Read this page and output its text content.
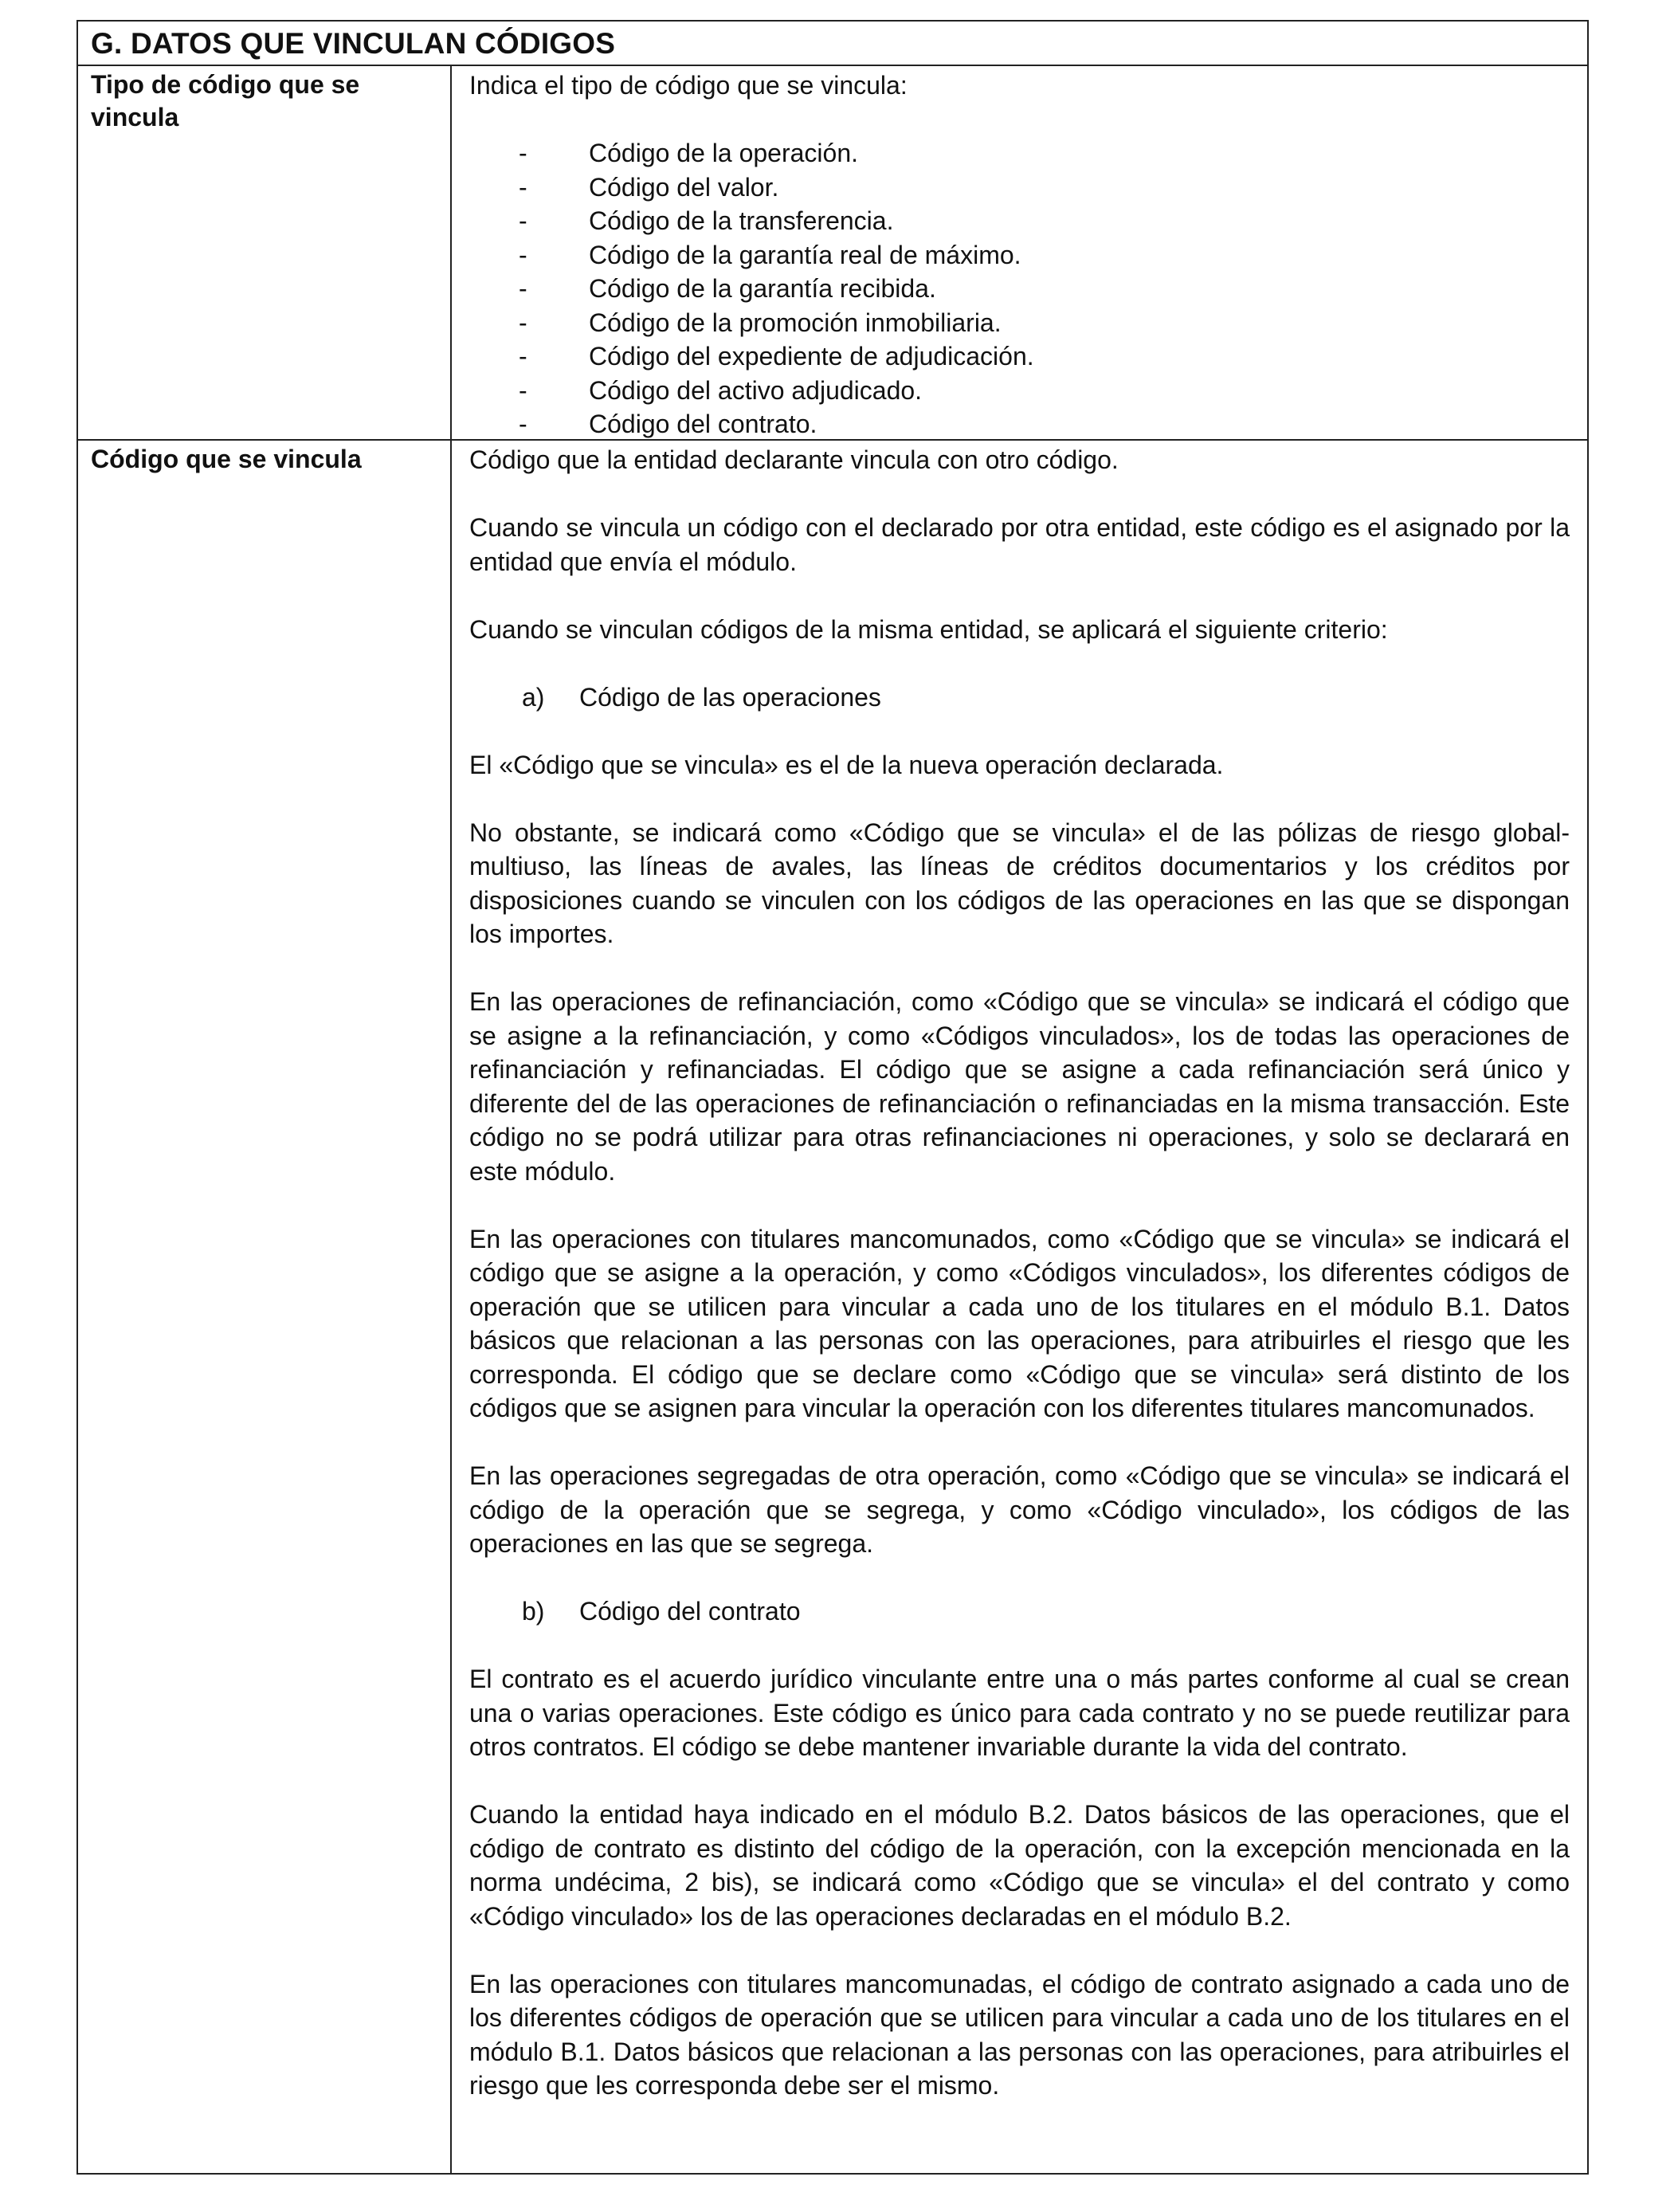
G. DATOS QUE VINCULAN CÓDIGOS
Tipo de código que se vincula

Indica el tipo de código que se vincula:

- Código de la operación.
- Código del valor.
- Código de la transferencia.
- Código de la garantía real de máximo.
- Código de la garantía recibida.
- Código de la promoción inmobiliaria.
- Código del expediente de adjudicación.
- Código del activo adjudicado.
- Código del contrato.
Código que se vincula	Código que la entidad declarante vincula con otro código.

Cuando se vincula un código con el declarado por otra entidad, este código es el asignado por la entidad que envía el módulo.

Cuando se vinculan códigos de la misma entidad, se aplicará el siguiente criterio:

a) Código de las operaciones

El «Código que se vincula» es el de la nueva operación declarada.

No obstante, se indicará como «Código que se vincula» el de las pólizas de riesgo global-multiuso, las líneas de avales, las líneas de créditos documentarios y los créditos por disposiciones cuando se vinculen con los códigos de las operaciones en las que se dispongan los importes.

En las operaciones de refinanciación, como «Código que se vincula» se indicará el código que se asigne a la refinanciación, y como «Códigos vinculados», los de todas las operaciones de refinanciación y refinanciadas. El código que se asigne a cada refinanciación será único y diferente del de las operaciones de refinanciación o refinanciadas en la misma transacción. Este código no se podrá utilizar para otras refinanciaciones ni operaciones, y solo se declarará en este módulo.

En las operaciones con titulares mancomunados, como «Código que se vincula» se indicará el código que se asigne a la operación, y como «Códigos vinculados», los diferentes códigos de operación que se utilicen para vincular a cada uno de los titulares en el módulo B.1. Datos básicos que relacionan a las personas con las operaciones, para atribuirles el riesgo que les corresponda. El código que se declare como «Código que se vincula» será distinto de los códigos que se asignen para vincular la operación con los diferentes titulares mancomunados.

En las operaciones segregadas de otra operación, como «Código que se vincula» se indicará el código de la operación que se segrega, y como «Código vinculado», los códigos de las operaciones en las que se segrega.

b) Código del contrato

El contrato es el acuerdo jurídico vinculante entre una o más partes conforme al cual se crean una o varias operaciones. Este código es único para cada contrato y no se puede reutilizar para otros contratos. El código se debe mantener invariable durante la vida del contrato.

Cuando la entidad haya indicado en el módulo B.2. Datos básicos de las operaciones, que el código de contrato es distinto del código de la operación, con la excepción mencionada en la norma undécima, 2 bis), se indicará como «Código que se vincula» el del contrato y como «Código vinculado» los de las operaciones declaradas en el módulo B.2.

En las operaciones con titulares mancomunadas, el código de contrato asignado a cada uno de los diferentes códigos de operación que se utilicen para vincular a cada uno de los titulares en el módulo B.1. Datos básicos que relacionan a las personas con las operaciones, para atribuirles el riesgo que les corresponda debe ser el mismo.
